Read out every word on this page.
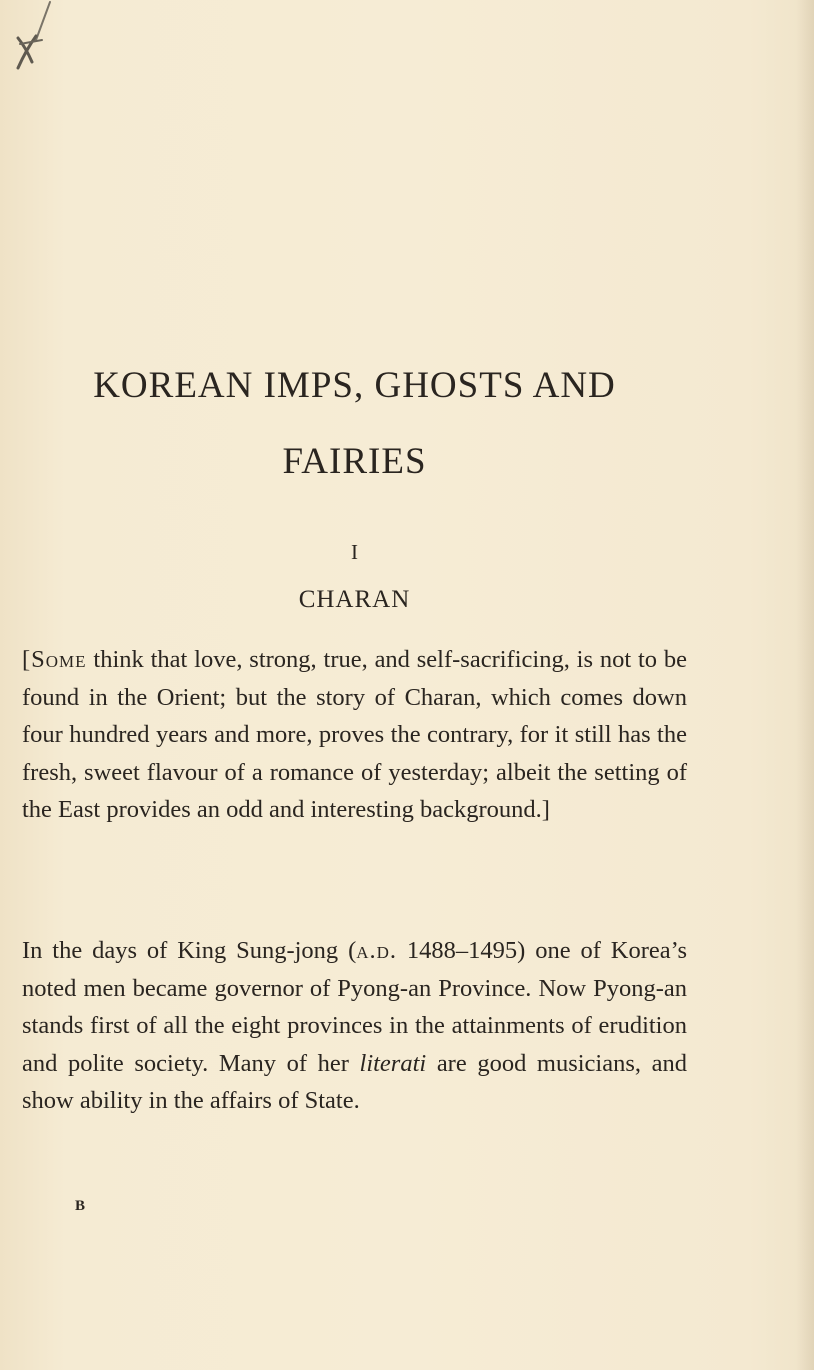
KOREAN IMPS, GHOSTS AND FAIRIES

I

CHARAN

[Some think that love, strong, true, and self-sacrificing, is not to be found in the Orient; but the story of Charan, which comes down four hundred years and more, proves the contrary, for it still has the fresh, sweet flavour of a romance of yesterday; albeit the setting of the East provides an odd and interesting background.]

In the days of King Sung-jong (a.d. 1488–1495) one of Korea’s noted men became governor of Pyong-an Province. Now Pyong-an stands first of all the eight provinces in the attainments of erudition and polite society. Many of her literati are good musicians, and show ability in the affairs of State.

B
